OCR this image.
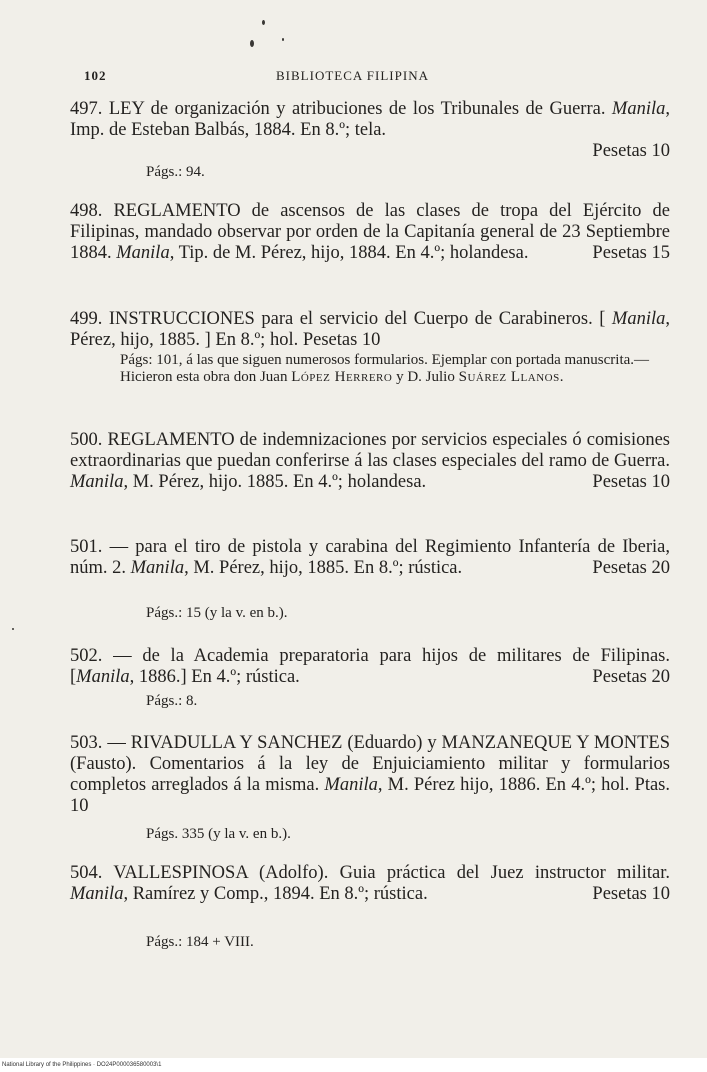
102	BIBLIOTECA FILIPINA
497. LEY de organización y atribuciones de los Tribunales de Guerra. Manila, Imp. de Esteban Balbás, 1884. En 8.º; tela.
Pesetas 10
Págs.: 94.
498. REGLAMENTO de ascensos de las clases de tropa del Ejército de Filipinas, mandado observar por orden de la Capitanía general de 23 Septiembre 1884. Manila, Tip. de M. Pérez, hijo, 1884. En 4.º; holandesa.	Pesetas 15
499. INSTRUCCIONES para el servicio del Cuerpo de Carabineros. [ Manila, Pérez, hijo, 1885. ] En 8.º; hol. Pesetas 10
Págs: 101, á las que siguen numerosos formularios. Ejemplar con portada manuscrita.—Hicieron esta obra don Juan López Herrero y D. Julio Suárez Llanos.
500. REGLAMENTO de indemnizaciones por servicios especiales ó comisiones extraordinarias que puedan conferirse á las clases especiales del ramo de Guerra. Manila, M. Pérez, hijo. 1885. En 4.º; holandesa.	Pesetas 10
501. — para el tiro de pistola y carabina del Regimiento Infantería de Iberia, núm. 2. Manila, M. Pérez, hijo, 1885. En 8.º; rústica.	Pesetas 20
Págs.: 15 (y la v. en b.).
502. — de la Academia preparatoria para hijos de militares de Filipinas. [Manila, 1886.] En 4.º; rústica.	Pesetas 20
Págs.: 8.
503. — RIVADULLA Y SANCHEZ (Eduardo) y MANZANEQUE Y MONTES (Fausto). Comentarios á la ley de Enjuiciamiento militar y formularios completos arreglados á la misma. Manila, M. Pérez hijo, 1886. En 4.º; hol. Ptas. 10
Págs. 335 (y la v. en b.).
504. VALLESPINOSA (Adolfo). Guia práctica del Juez instructor militar. Manila, Ramírez y Comp., 1894. En 8.º; rústica.	Pesetas 10
Págs.: 184 + VIII.
National Library of the Philippines · DO24P000036580003\1
